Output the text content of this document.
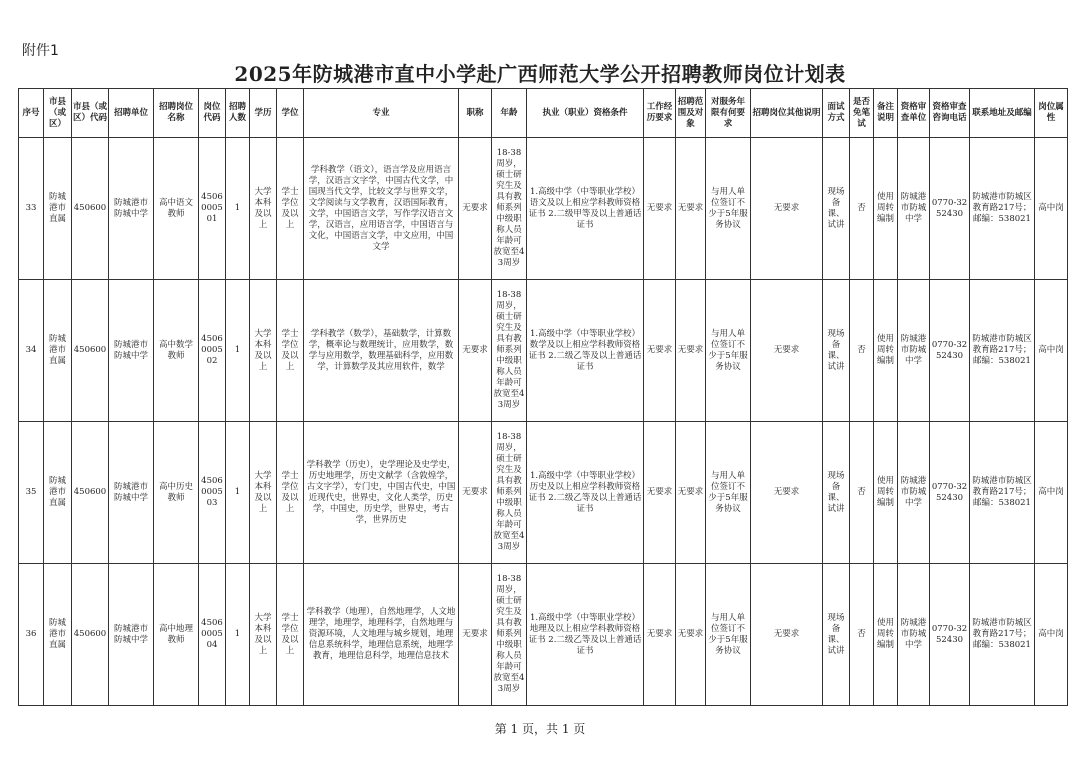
附件1
2025年防城港市直中小学赴广西师范大学公开招聘教师岗位计划表
序号	市县（或区）	市县（或区）代码	招聘单位	招聘岗位名称	岗位代码	招聘人数	学历	学位	专业	职称	年龄	执业（职业）资格条件	工作经历要求	招聘范围及对象	对服务年限有何要求	招聘岗位其他说明	面试方式	是否免笔试	备注说明	资格审查单位	资格审查咨询电话	联系地址及邮编	岗位属性
33	防城港市直属	450600	防城港市防城中学	高中语文教师	4506000501	1	大学本科及以上	学士学位及以上	学科教学（语文），语言学及应用语言学，汉语言文字学，中国古代文学，中国现当代文学，比较文学与世界文学，文学阅读与文学教育，汉语国际教育，文学，中国语言文学，写作学汉语言文学，汉语言，应用语言学，中国语言与文化，中国语言文学，中文应用，中国文学	无要求	18-38周岁，硕士研究生及具有教师系列中级职称人员年龄可放宽至43周岁	1.高级中学（中等职业学校）语文及以上相应学科教师资格证书 2.二级甲等及以上普通话证书	无要求	无要求	与用人单位签订不少于5年服务协议	无要求	现场备课、试讲	否	使用周转编制	防城港市防城中学	0770-3252430	防城港市防城区教育路217号；邮编：538021	高中岗
34	防城港市直属	450600	防城港市防城中学	高中数学教师	4506000502	1	大学本科及以上	学士学位及以上	学科教学（数学），基础数学，计算数学，概率论与数理统计，应用数学，数学与应用数学，数理基础科学，应用数学，计算数学及其应用软件，数学	无要求	18-38周岁，硕士研究生及具有教师系列中级职称人员年龄可放宽至43周岁	1.高级中学（中等职业学校）数学及以上相应学科教师资格证书 2.二级乙等及以上普通话证书	无要求	无要求	与用人单位签订不少于5年服务协议	无要求	现场备课、试讲	否	使用周转编制	防城港市防城中学	0770-3252430	防城港市防城区教育路217号；邮编：538021	高中岗
35	防城港市直属	450600	防城港市防城中学	高中历史教师	4506000503	1	大学本科及以上	学士学位及以上	学科教学（历史），史学理论及史学史，历史地理学，历史文献学（含敦煌学，古文字学），专门史，中国古代史，中国近现代史，世界史，文化人类学，历史学，中国史，历史学，世界史，考古学，世界历史	无要求	18-38周岁，硕士研究生及具有教师系列中级职称人员年龄可放宽至43周岁	1.高级中学（中等职业学校）历史及以上相应学科教师资格证书 2.二级乙等及以上普通话证书	无要求	无要求	与用人单位签订不少于5年服务协议	无要求	现场备课、试讲	否	使用周转编制	防城港市防城中学	0770-3252430	防城港市防城区教育路217号；邮编：538021	高中岗
36	防城港市直属	450600	防城港市防城中学	高中地理教师	4506000504	1	大学本科及以上	学士学位及以上	学科教学（地理），自然地理学，人文地理学，地理学，地理科学，自然地理与资源环境，人文地理与城乡规划，地理信息系统科学，地理信息系统，地理学教育，地理信息科学，地理信息技术	无要求	18-38周岁，硕士研究生及具有教师系列中级职称人员年龄可放宽至43周岁	1.高级中学（中等职业学校）地理及以上相应学科教师资格证书 2.二级乙等及以上普通话证书	无要求	无要求	与用人单位签订不少于5年服务协议	无要求	现场备课、试讲	否	使用周转编制	防城港市防城中学	0770-3252430	防城港市防城区教育路217号；邮编：538021	高中岗
第 1 页，共 1 页
